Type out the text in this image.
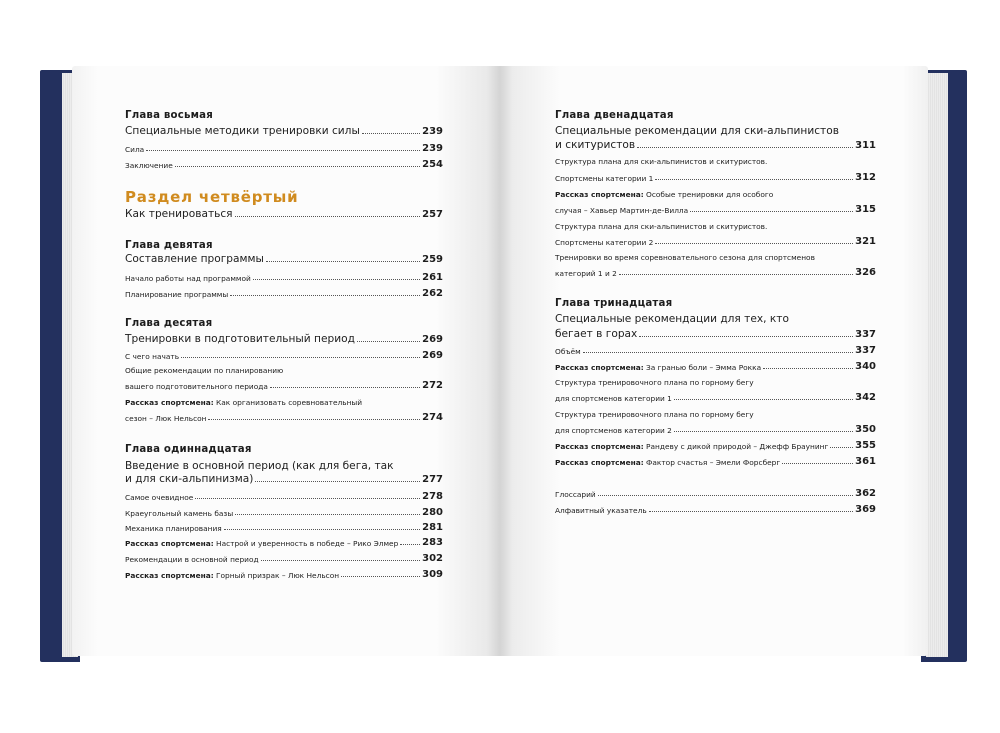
Глава восьмая
Специальные методики тренировки силы	239
Сила	239
Заключение	254
Раздел четвёртый
Как тренироваться	257
Глава девятая
Составление программы	259
Начало работы над программой	261
Планирование программы	262
Глава десятая
Тренировки в подготовительный период	269
С чего начать	269
Общие рекомендации по планированию
вашего подготовительного периода	272
Рассказ спортсмена: Как организовать соревновательный
сезон – Люк Нельсон	274
Глава одиннадцатая
Введение в основной период (как для бега, так
и для ски-альпинизма)	277
Самое очевидное	278
Краеугольный камень базы	280
Механика планирования	281
Рассказ спортсмена: Настрой и уверенность в победе – Рико Элмер 283
Рекомендации в основной период	302
Рассказ спортсмена: Горный призрак – Люк Нельсон	309
Глава двенадцатая
Специальные рекомендации для ски-альпинистов
и скитуристов	311
Структура плана для ски-альпинистов и скитуристов.
Спортсмены категории 1	312
Рассказ спортсмена: Особые тренировки для особого
случая – Хавьер Мартин-де-Вилла	315
Структура плана для ски-альпинистов и скитуристов.
Спортсмены категории 2	321
Тренировки во время соревновательного сезона для спортсменов
категорий 1 и 2	326
Глава тринадцатая
Специальные рекомендации для тех, кто
бегает в горах	337
Объём	337
Рассказ спортсмена: За гранью боли – Эмма Рокка	340
Структура тренировочного плана по горному бегу
для спортсменов категории 1	342
Структура тренировочного плана по горному бегу
для спортсменов категории 2	350
Рассказ спортсмена: Рандеву с дикой природой – Джефф Браунинг	355
Рассказ спортсмена: Фактор счастья – Эмели Форсберг	361
Глоссарий	362
Алфавитный указатель	369
